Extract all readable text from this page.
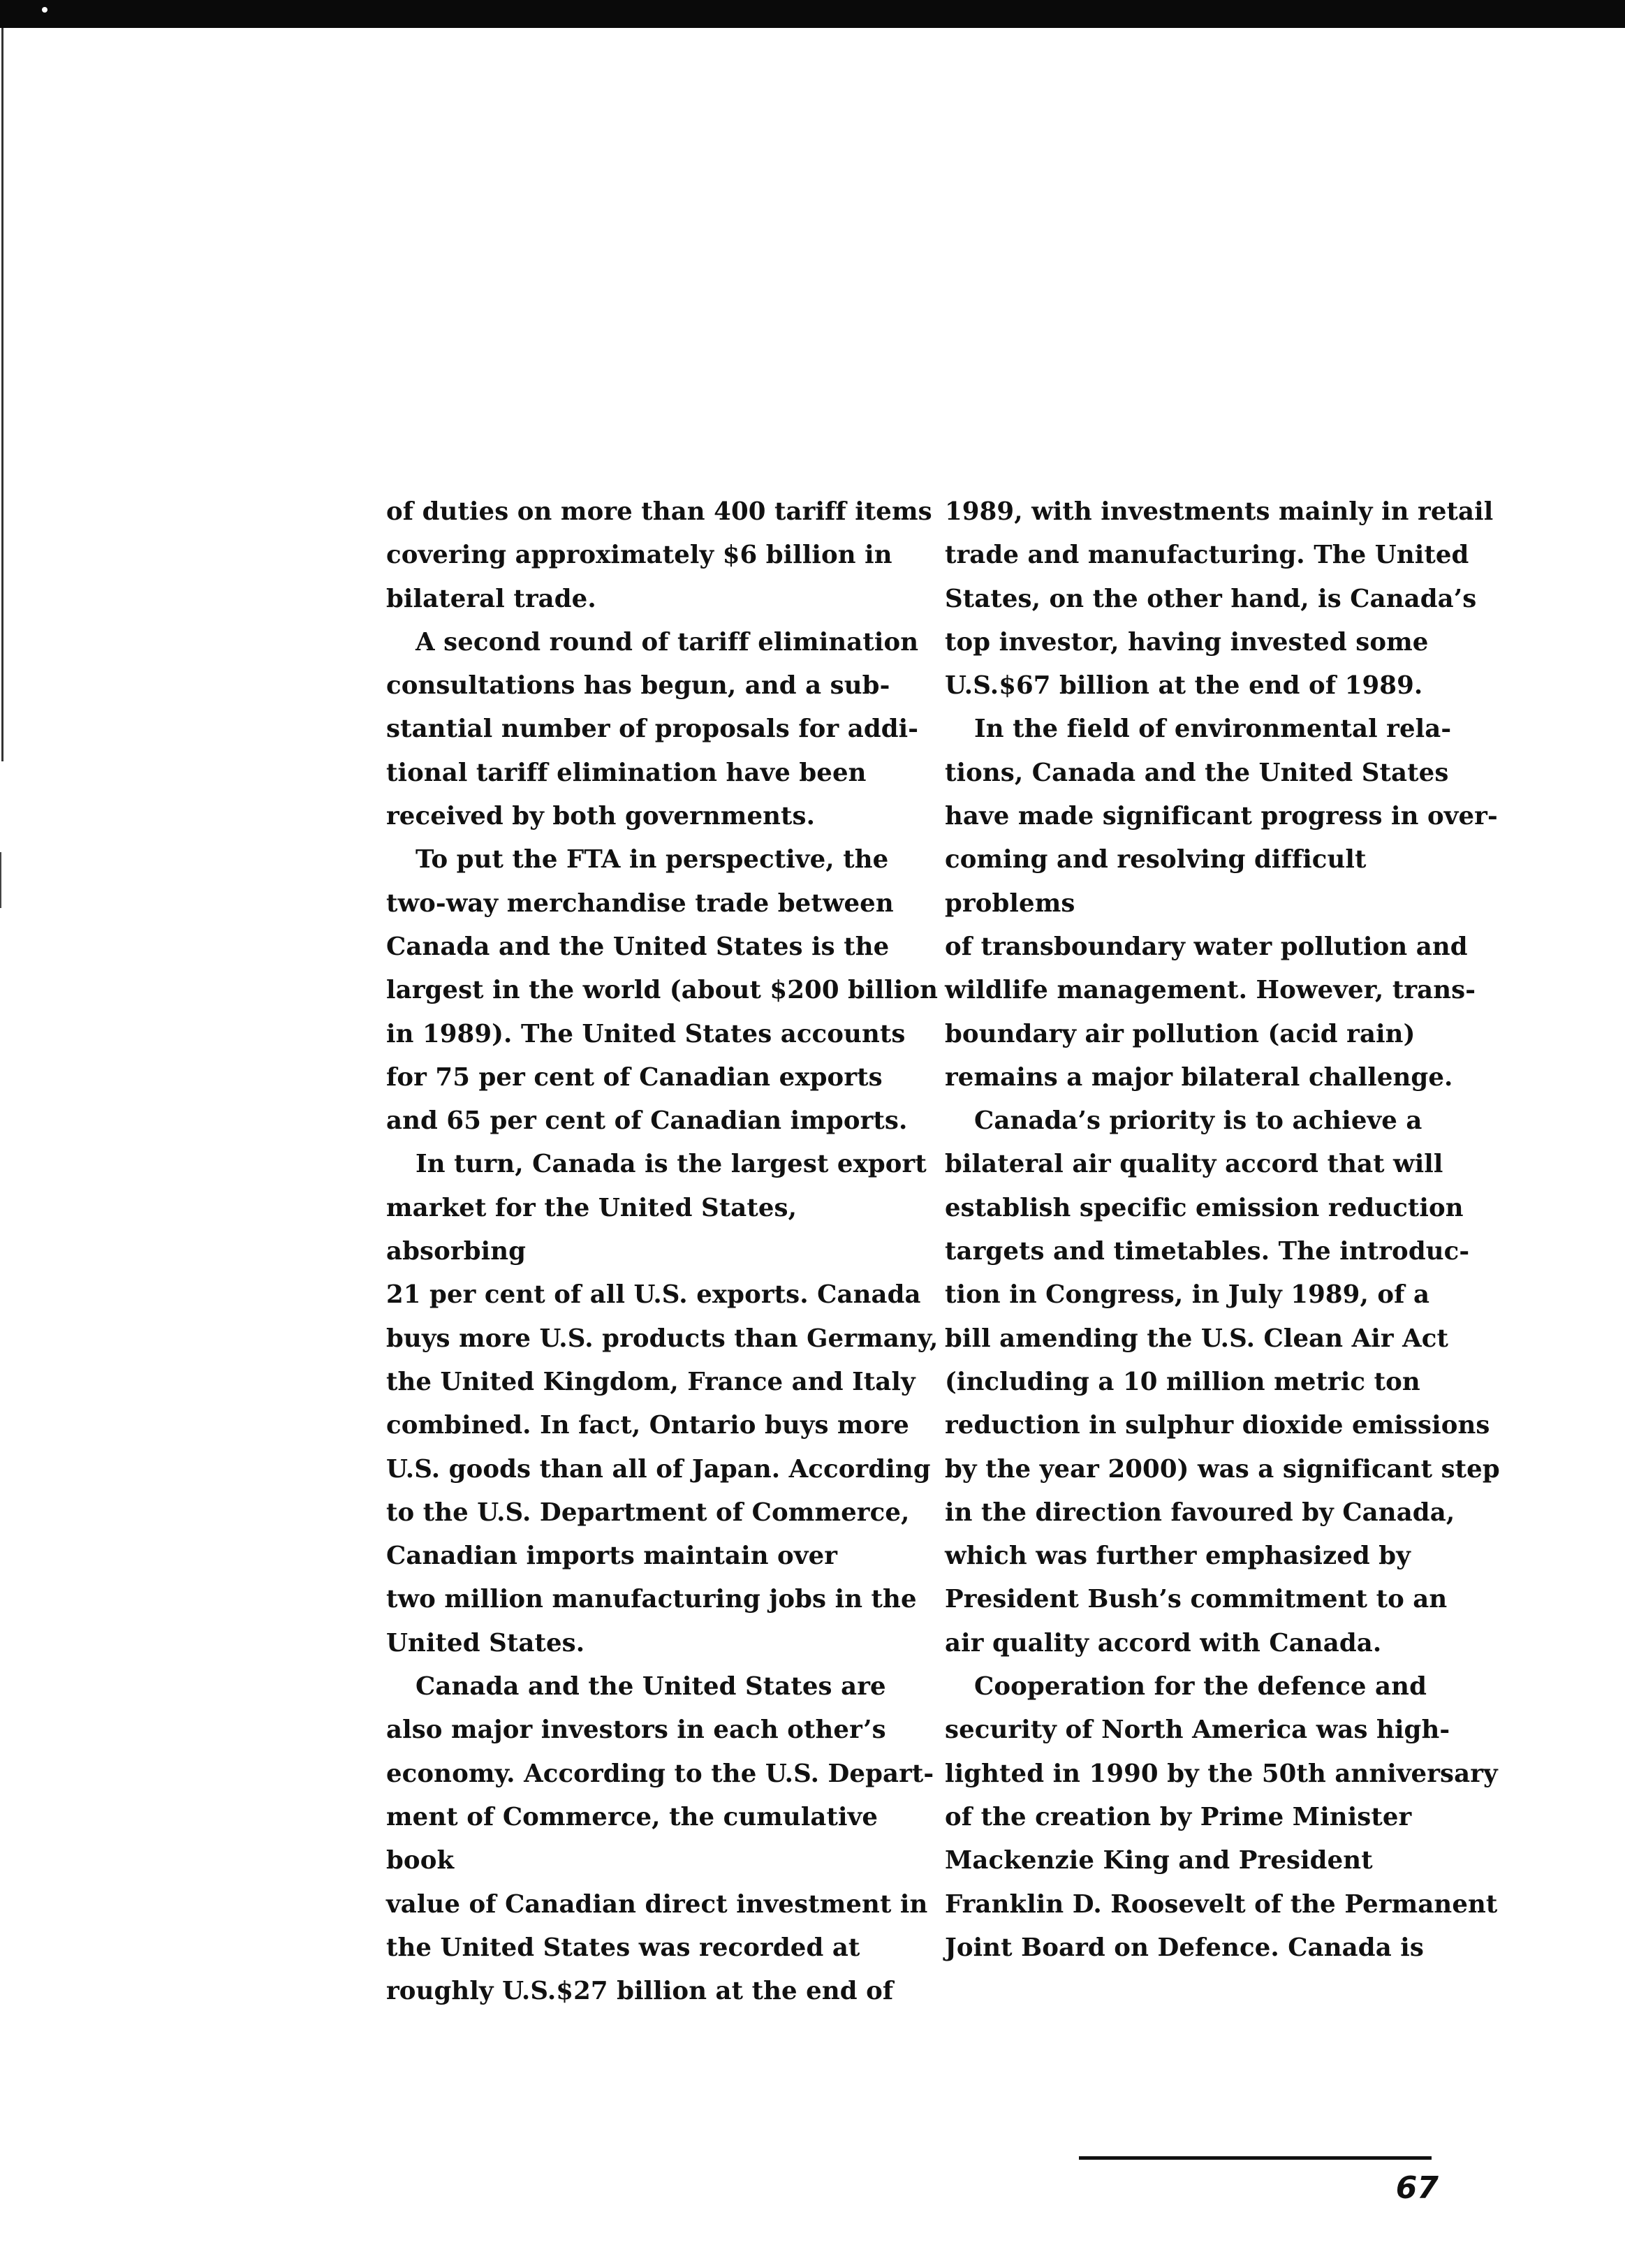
of duties on more than 400 tariff items
covering approximately $6 billion in
bilateral trade.

A second round of tariff elimination
consultations has begun, and a sub-
stantial number of proposals for addi-
tional tariff elimination have been
received by both governments.

To put the FTA in perspective, the
two-way merchandise trade between
Canada and the United States is the
largest in the world (about $200 billion
in 1989). The United States accounts
for 75 per cent of Canadian exports
and 65 per cent of Canadian imports.

In turn, Canada is the largest export
market for the United States, absorbing
21 per cent of all U.S. exports. Canada
buys more U.S. products than Germany,
the United Kingdom, France and Italy
combined. In fact, Ontario buys more
U.S. goods than all of Japan. According
to the U.S. Department of Commerce,
Canadian imports maintain over
two million manufacturing jobs in the
United States.

Canada and the United States are
also major investors in each other’s
economy. According to the U.S. Depart-
ment of Commerce, the cumulative book
value of Canadian direct investment in
the United States was recorded at
roughly U.S.$27 billion at the end of

1989, with investments mainly in retail
trade and manufacturing. The United
States, on the other hand, is Canada’s
top investor, having invested some
U.S.$67 billion at the end of 1989.

In the field of environmental rela-
tions, Canada and the United States
have made significant progress in over-
coming and resolving difficult problems
of transboundary water pollution and
wildlife management. However, trans-
boundary air pollution (acid rain)
remains a major bilateral challenge.

Canada’s priority is to achieve a
bilateral air quality accord that will
establish specific emission reduction
targets and timetables. The introduc-
tion in Congress, in July 1989, of a
bill amending the U.S. Clean Air Act
(including a 10 million metric ton
reduction in sulphur dioxide emissions
by the year 2000) was a significant step
in the direction favoured by Canada,
which was further emphasized by
President Bush’s commitment to an
air quality accord with Canada.

Cooperation for the defence and
security of North America was high-
lighted in 1990 by the 50th anniversary
of the creation by Prime Minister
Mackenzie King and President
Franklin D. Roosevelt of the Permanent
Joint Board on Defence. Canada is

67
